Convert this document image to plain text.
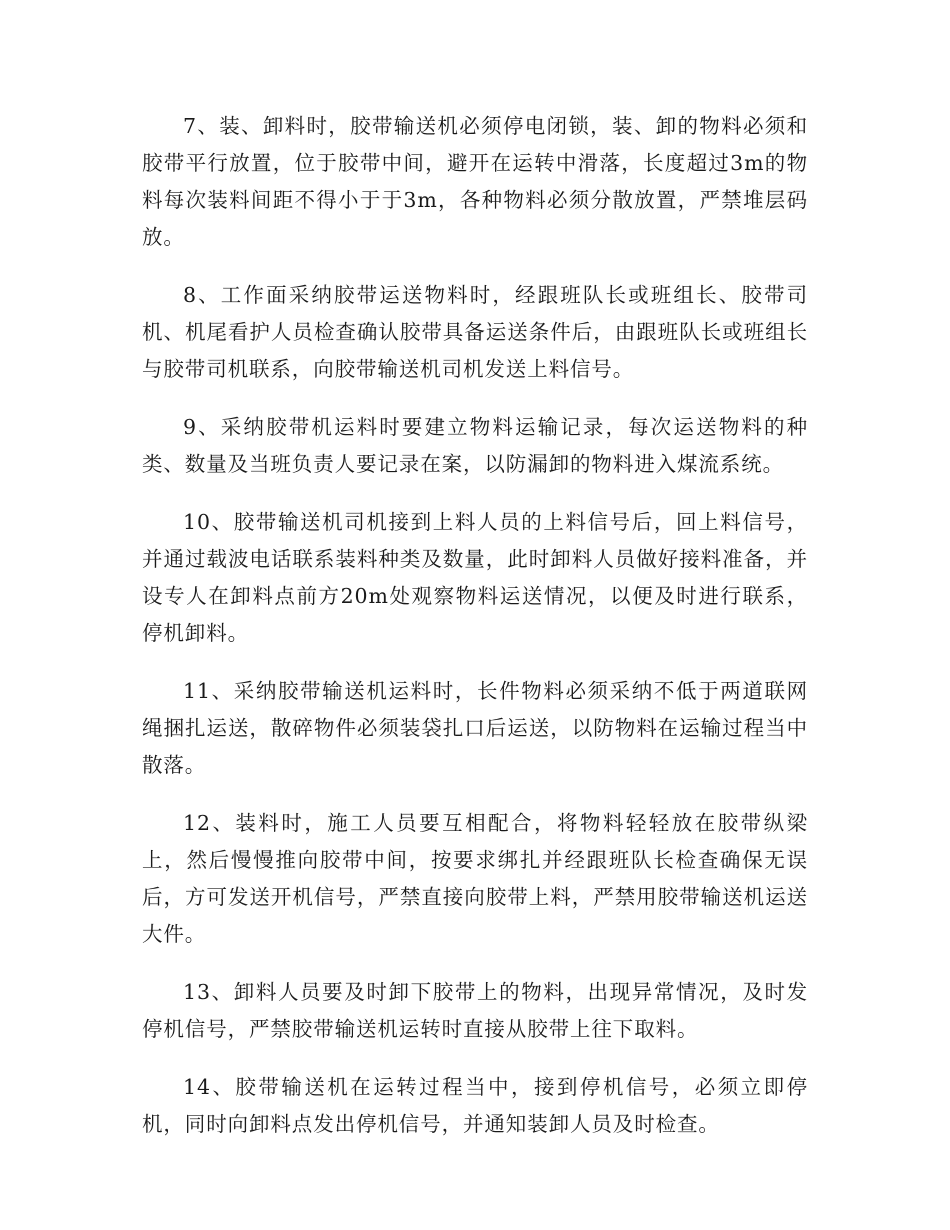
7、装、卸料时，胶带输送机必须停电闭锁，装、卸的物料必须和胶带平行放置，位于胶带中间，避开在运转中滑落，长度超过3m的物料每次装料间距不得小于于3m，各种物料必须分散放置，严禁堆层码放。

8、工作面采纳胶带运送物料时，经跟班队长或班组长、胶带司机、机尾看护人员检查确认胶带具备运送条件后，由跟班队长或班组长与胶带司机联系，向胶带输送机司机发送上料信号。

9、采纳胶带机运料时要建立物料运输记录，每次运送物料的种类、数量及当班负责人要记录在案，以防漏卸的物料进入煤流系统。

10、胶带输送机司机接到上料人员的上料信号后，回上料信号，并通过载波电话联系装料种类及数量，此时卸料人员做好接料准备，并设专人在卸料点前方20m处观察物料运送情况，以便及时进行联系，停机卸料。

11、采纳胶带输送机运料时，长件物料必须采纳不低于两道联网绳捆扎运送，散碎物件必须装袋扎口后运送，以防物料在运输过程当中散落。

12、装料时，施工人员要互相配合，将物料轻轻放在胶带纵梁上，然后慢慢推向胶带中间，按要求绑扎并经跟班队长检查确保无误后，方可发送开机信号，严禁直接向胶带上料，严禁用胶带输送机运送大件。

13、卸料人员要及时卸下胶带上的物料，出现异常情况，及时发停机信号，严禁胶带输送机运转时直接从胶带上往下取料。

14、胶带输送机在运转过程当中，接到停机信号，必须立即停机，同时向卸料点发出停机信号，并通知装卸人员及时检查。
